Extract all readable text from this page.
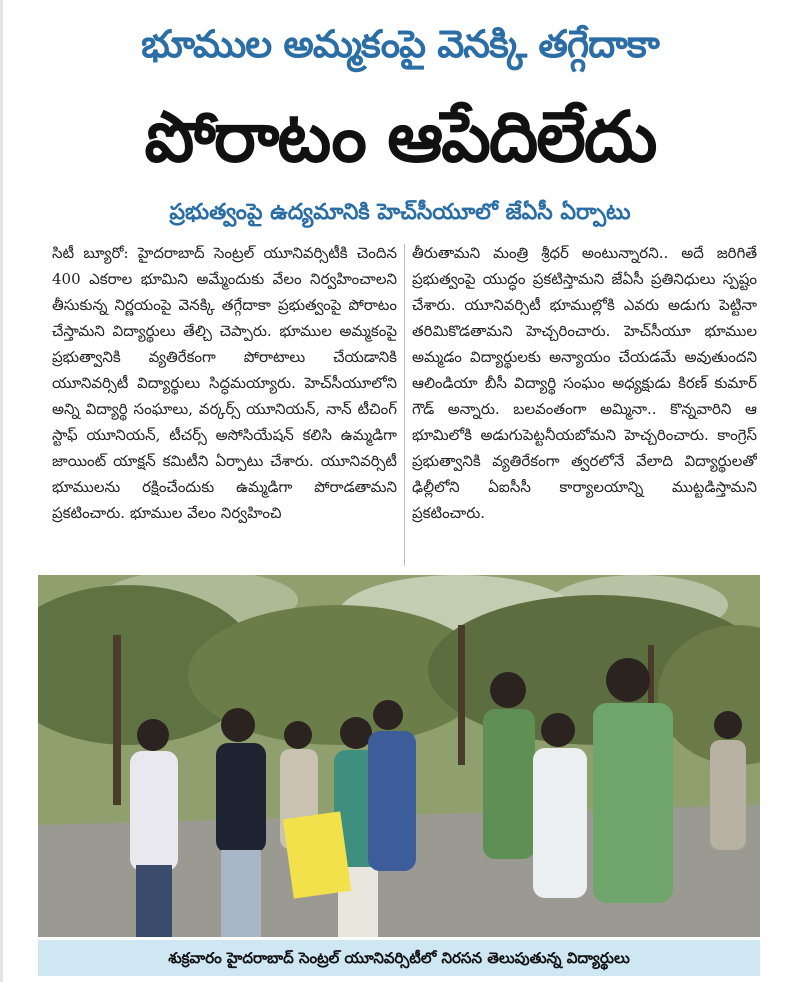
భూముల అమ్మకంపై వెనక్కి తగ్గేదాకా
పోరాటం ఆపేదిలేదు
ప్రభుత్వంపై ఉద్యమానికి హెచ్‌సీయూలో జేఏసీ ఏర్పాటు
సిటీ బ్యూరో: హైదరాబాద్ సెంట్రల్ యూనివర్సిటీకి చెందిన 400 ఎకరాల భూమిని అమ్మేందుకు వేలం నిర్వహించాలని తీసుకున్న నిర్ణయంపై వెనక్కి తగ్గేదాకా ప్రభుత్వంపై పోరాటం చేస్తామని విద్యార్థులు తేల్చి చెప్పారు. భూముల అమ్మకంపై ప్రభుత్వానికి వ్యతిరేకంగా పోరాటాలు చేయడానికి యూనివర్సిటీ విద్యార్థులు సిద్ధమయ్యారు. హెచ్‌సీయూలోని అన్ని విద్యార్థి సంఘాలు, వర్కర్స్ యూనియన్, నాన్ టీచింగ్ స్టాఫ్ యూనియన్, టీచర్స్ అసోసియేషన్ కలిసి ఉమ్మడిగా జాయింట్ యాక్షన్ కమిటీని ఏర్పాటు చేశారు. యూనివర్సిటీ భూములను రక్షించేందుకు ఉమ్మడిగా పోరాడతామని ప్రకటించారు. భూముల వేలం నిర్వహించి
తీరుతామని మంత్రి శ్రీధర్ అంటున్నారని.. అదే జరిగితే ప్రభుత్వంపై యుద్ధం ప్రకటిస్తామని జేఏసీ ప్రతినిధులు స్పష్టం చేశారు. యూనివర్సిటీ భూముల్లోకి ఎవరు అడుగు పెట్టినా తరిమికొడతామని హెచ్చరించారు. హెచ్‌సీయూ భూముల అమ్మడం విద్యార్థులకు అన్యాయం చేయడమే అవుతుందని ఆలిండియా బీసీ విద్యార్థి సంఘం అధ్యక్షుడు కిరణ్ కుమార్ గౌడ్ అన్నారు. బలవంతంగా అమ్మినా.. కొన్నవారిని ఆ భూమిలోకి అడుగుపెట్టనీయబోమని హెచ్చరించారు. కాంగ్రెస్ ప్రభుత్వానికి వ్యతిరేకంగా త్వరలోనే వేలాది విద్యార్థులతో ఢిల్లీలోని ఏఐసీసీ కార్యాలయాన్ని ముట్టడిస్తామని ప్రకటించారు.
శుక్రవారం హైదరాబాద్ సెంట్రల్ యూనివర్సిటీలో నిరసన తెలుపుతున్న విద్యార్థులు
